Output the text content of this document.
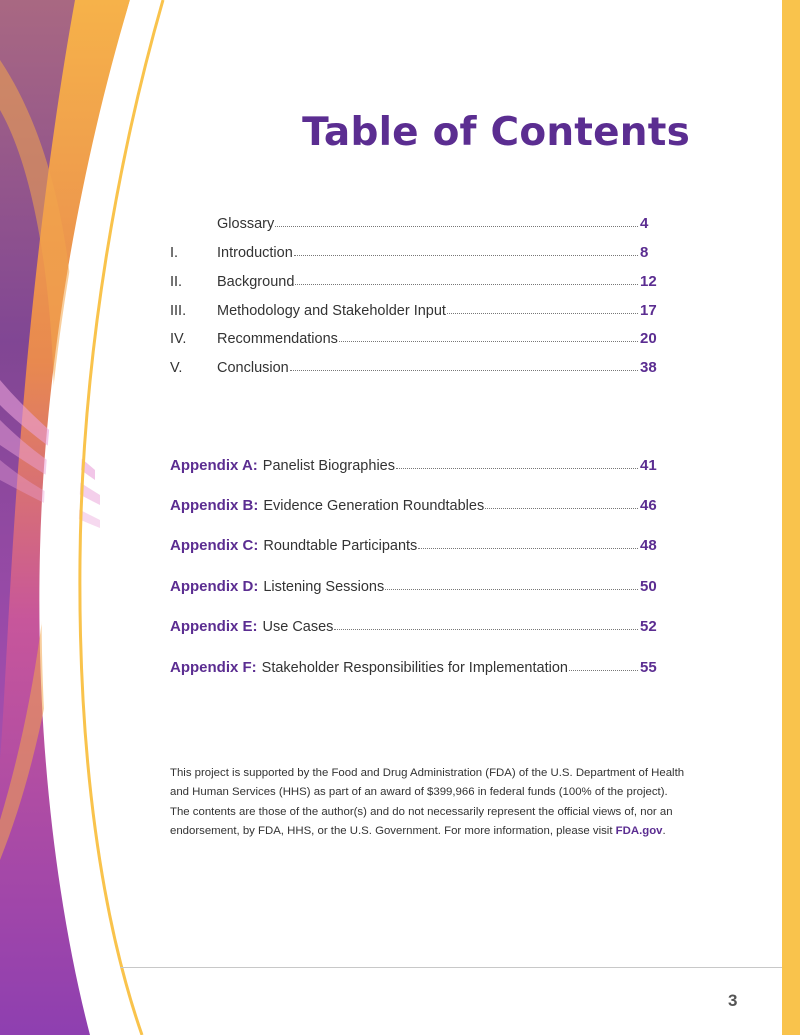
Table of Contents
Glossary	4
I.	Introduction	8
II.	Background	12
III.	Methodology and Stakeholder Input	17
IV.	Recommendations	20
V.	Conclusion	38
Appendix A: Panelist Biographies	41
Appendix B: Evidence Generation Roundtables	46
Appendix C: Roundtable Participants	48
Appendix D: Listening Sessions	50
Appendix E: Use Cases	52
Appendix F: Stakeholder Responsibilities for Implementation	55

This project is supported by the Food and Drug Administration (FDA) of the U.S. Department of Health and Human Services (HHS) as part of an award of $399,966 in federal funds (100% of the project). The contents are those of the author(s) and do not necessarily represent the official views of, nor an endorsement, by FDA, HHS, or the U.S. Government. For more information, please visit FDA.gov.

3
